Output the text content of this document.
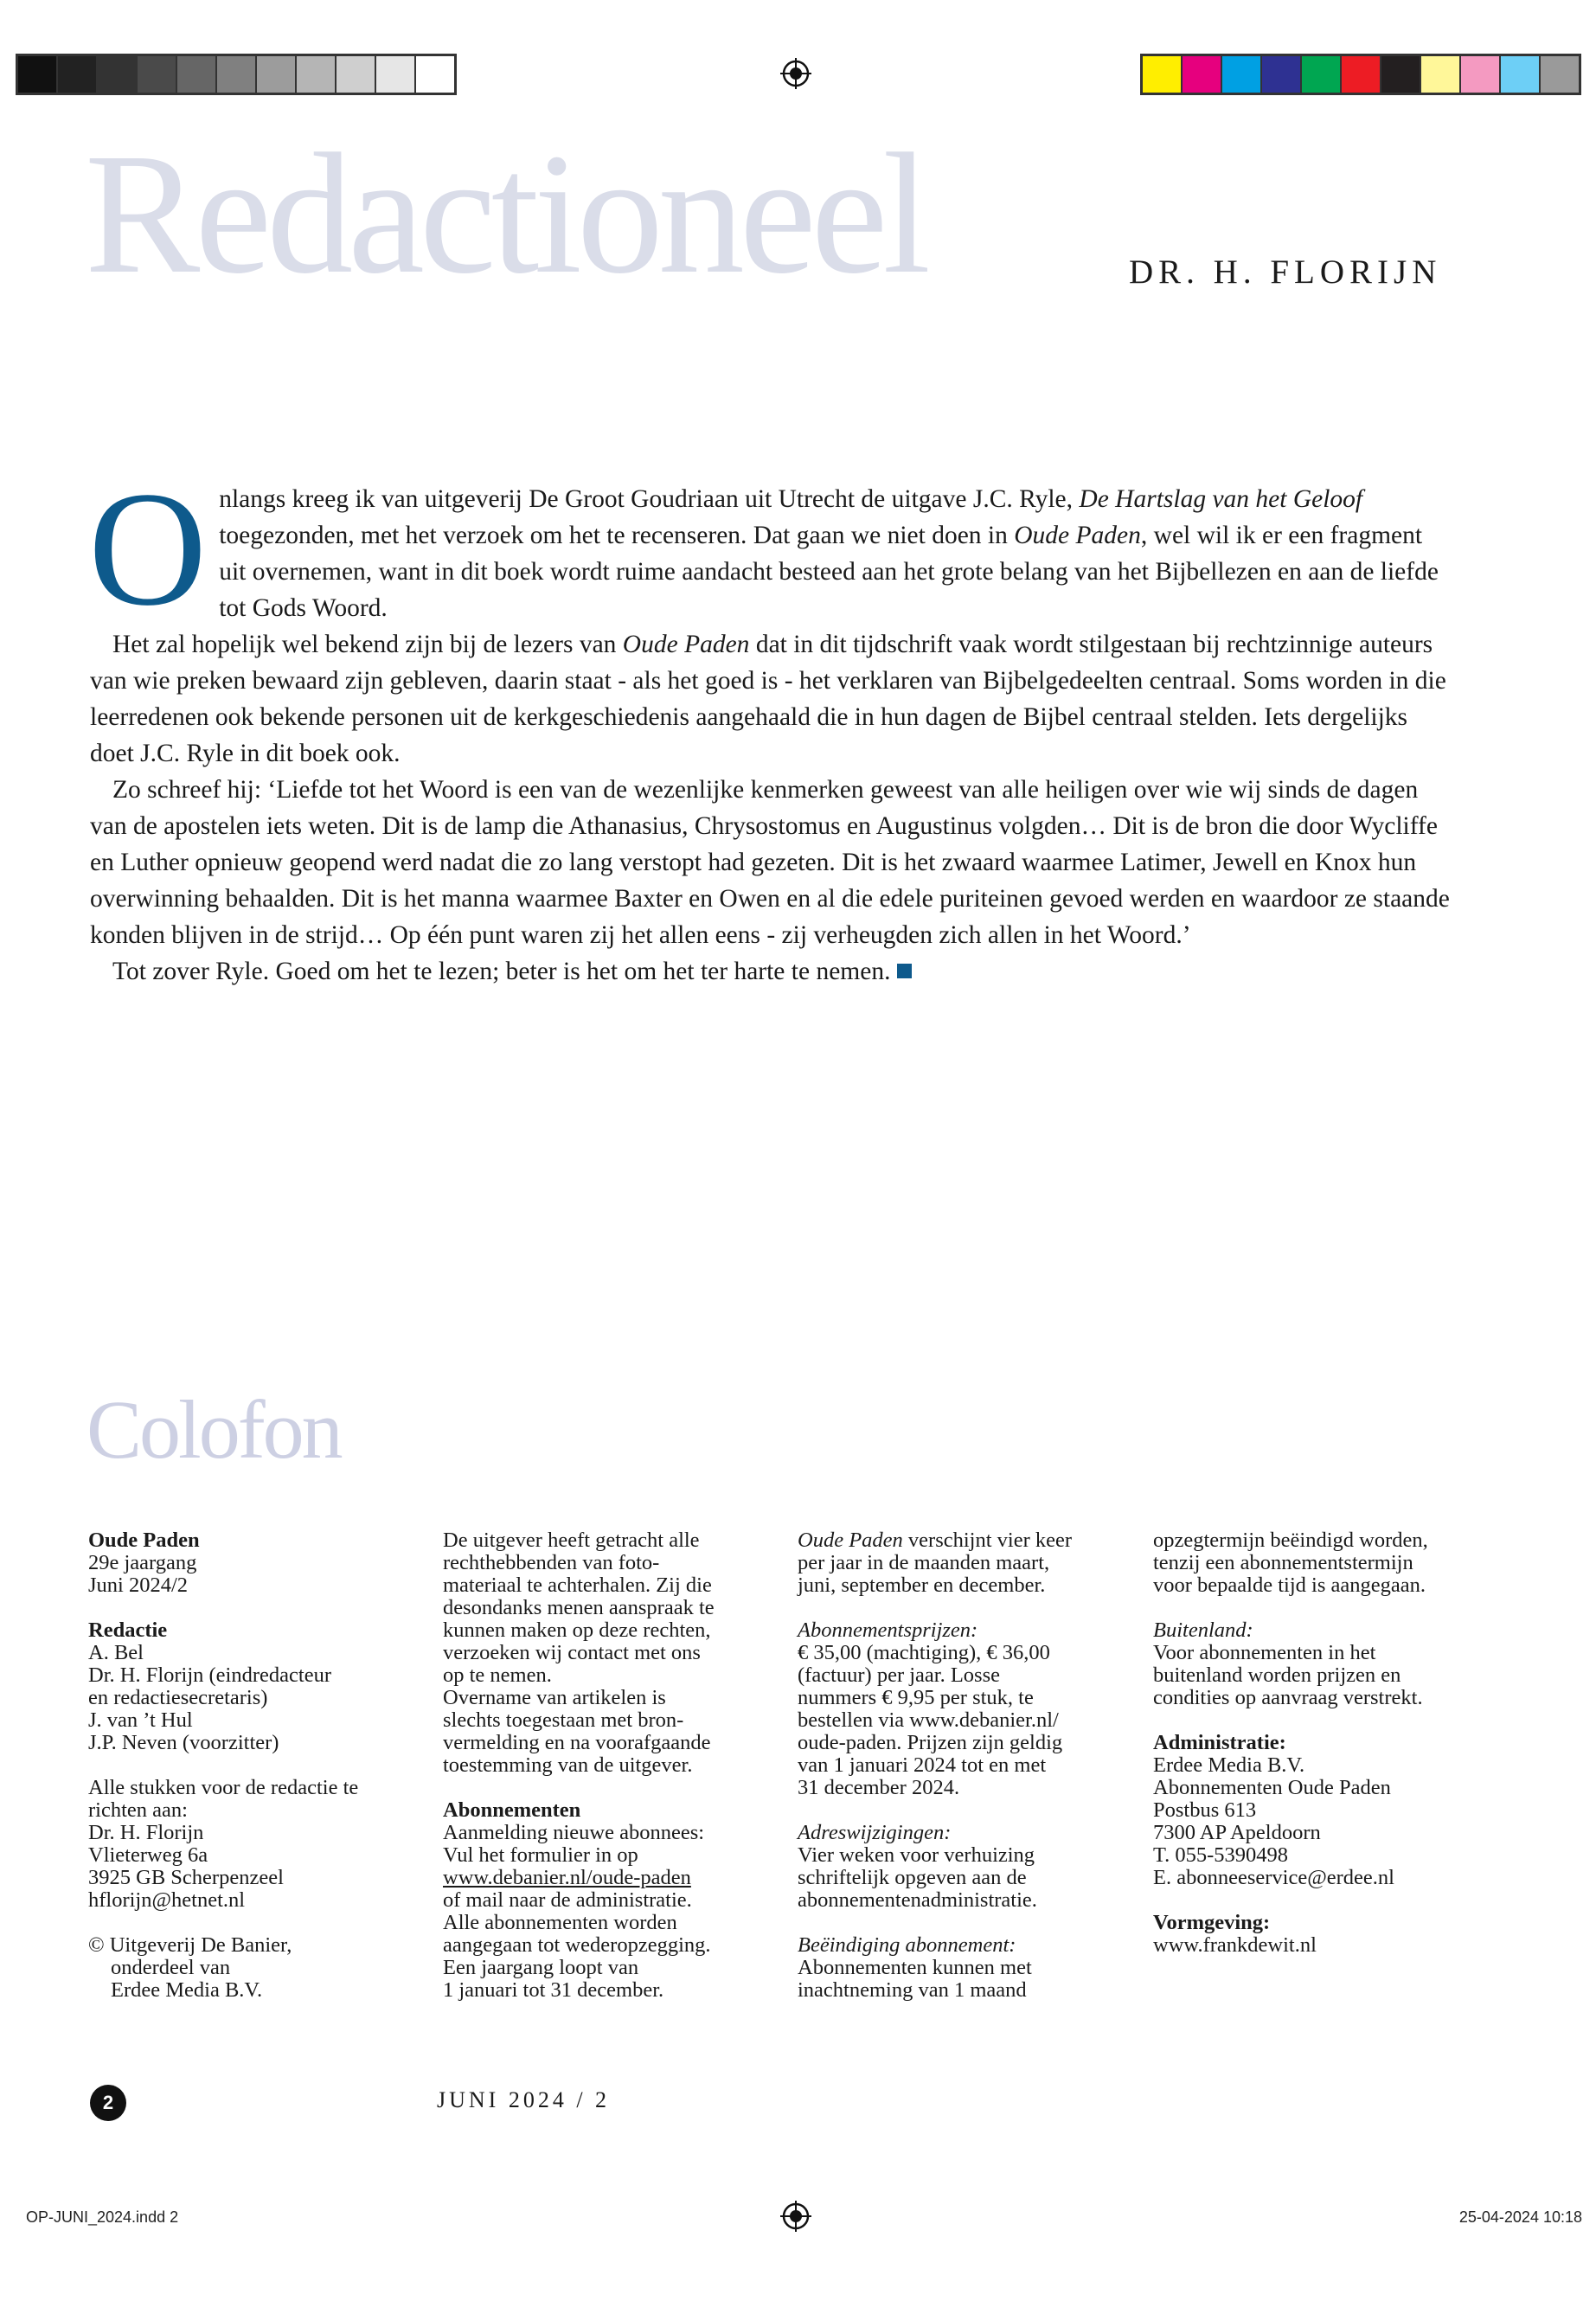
Redactioneel	DR. H. FLORIJN

Onlangs kreeg ik van uitgeverij De Groot Goudriaan uit Utrecht de uitgave J.C. Ryle, De Hartslag van het Geloof toegezonden, met het verzoek om het te recenseren. Dat gaan we niet doen in Oude Paden, wel wil ik er een fragment uit overnemen, want in dit boek wordt ruime aandacht besteed aan het grote belang van het Bijbellezen en aan de liefde tot Gods Woord.

Het zal hopelijk wel bekend zijn bij de lezers van Oude Paden dat in dit tijdschrift vaak wordt stilgestaan bij rechtzinnige auteurs van wie preken bewaard zijn gebleven, daarin staat - als het goed is - het verklaren van Bijbelgedeelten centraal. Soms worden in die leerredenen ook bekende personen uit de kerkgeschiedenis aangehaald die in hun dagen de Bijbel centraal stelden. Iets dergelijks doet J.C. Ryle in dit boek ook.

Zo schreef hij: ‘Liefde tot het Woord is een van de wezenlijke kenmerken geweest van alle heiligen over wie wij sinds de dagen van de apostelen iets weten. Dit is de lamp die Athanasius, Chrysostomus en Augustinus volgden… Dit is de bron die door Wycliffe en Luther opnieuw geopend werd nadat die zo lang verstopt had gezeten. Dit is het zwaard waarmee Latimer, Jewell en Knox hun overwinning behaalden. Dit is het manna waarmee Baxter en Owen en al die edele puriteinen gevoed werden en waardoor ze staande konden blijven in de strijd… Op één punt waren zij het allen eens - zij verheugden zich allen in het Woord.’

Tot zover Ryle. Goed om het te lezen; beter is het om het ter harte te nemen.

Colofon
Oude Paden
29e jaargang
Juni 2024/2
Redactie
A. Bel
Dr. H. Florijn (eindredacteur
en redactiesecretaris)
J. van ’t Hul
J.P. Neven (voorzitter)
Alle stukken voor de redactie te
richten aan:
Dr. H. Florijn
Vlieterweg 6a
3925 GB Scherpenzeel
hflorijn@hetnet.nl
© Uitgeverij De Banier,
onderdeel van
Erdee Media B.V.
De uitgever heeft getracht alle
rechthebbenden van foto-
materiaal te achterhalen. Zij die
desondanks menen aanspraak te
kunnen maken op deze rechten,
verzoeken wij contact met ons
op te nemen.
Overname van artikelen is
slechts toegestaan met bron-
vermelding en na voorafgaande
toestemming van de uitgever.
Abonnementen
Aanmelding nieuwe abonnees:
Vul het formulier in op
www.debanier.nl/oude-paden
of mail naar de administratie.
Alle abonnementen worden
aangegaan tot wederopzegging.
Een jaargang loopt van
1 januari tot 31 december.
Oude Paden verschijnt vier keer
per jaar in de maanden maart,
juni, september en december.
Abonnementsprijzen:
€ 35,00 (machtiging), € 36,00
(factuur) per jaar. Losse
nummers € 9,95 per stuk, te
bestellen via www.debanier.nl/
oude-paden. Prijzen zijn geldig
van 1 januari 2024 tot en met
31 december 2024.
Adreswijzigingen:
Vier weken voor verhuizing
schriftelijk opgeven aan de
abonnementenadministratie.
Beëindiging abonnement:
Abonnementen kunnen met
inachtneming van 1 maand
opzegtermijn beëindigd worden,
tenzij een abonnementstermijn
voor bepaalde tijd is aangegaan.
Buitenland:
Voor abonnementen in het
buitenland worden prijzen en
condities op aanvraag verstrekt.
Administratie:
Erdee Media B.V.
Abonnementen Oude Paden
Postbus 613
7300 AP Apeldoorn
T. 055-5390498
E. abonneeservice@erdee.nl
Vormgeving:
www.frankdewit.nl
2	JUNI 2024 / 2
OP-JUNI_2024.indd 2	25-04-2024 10:18
